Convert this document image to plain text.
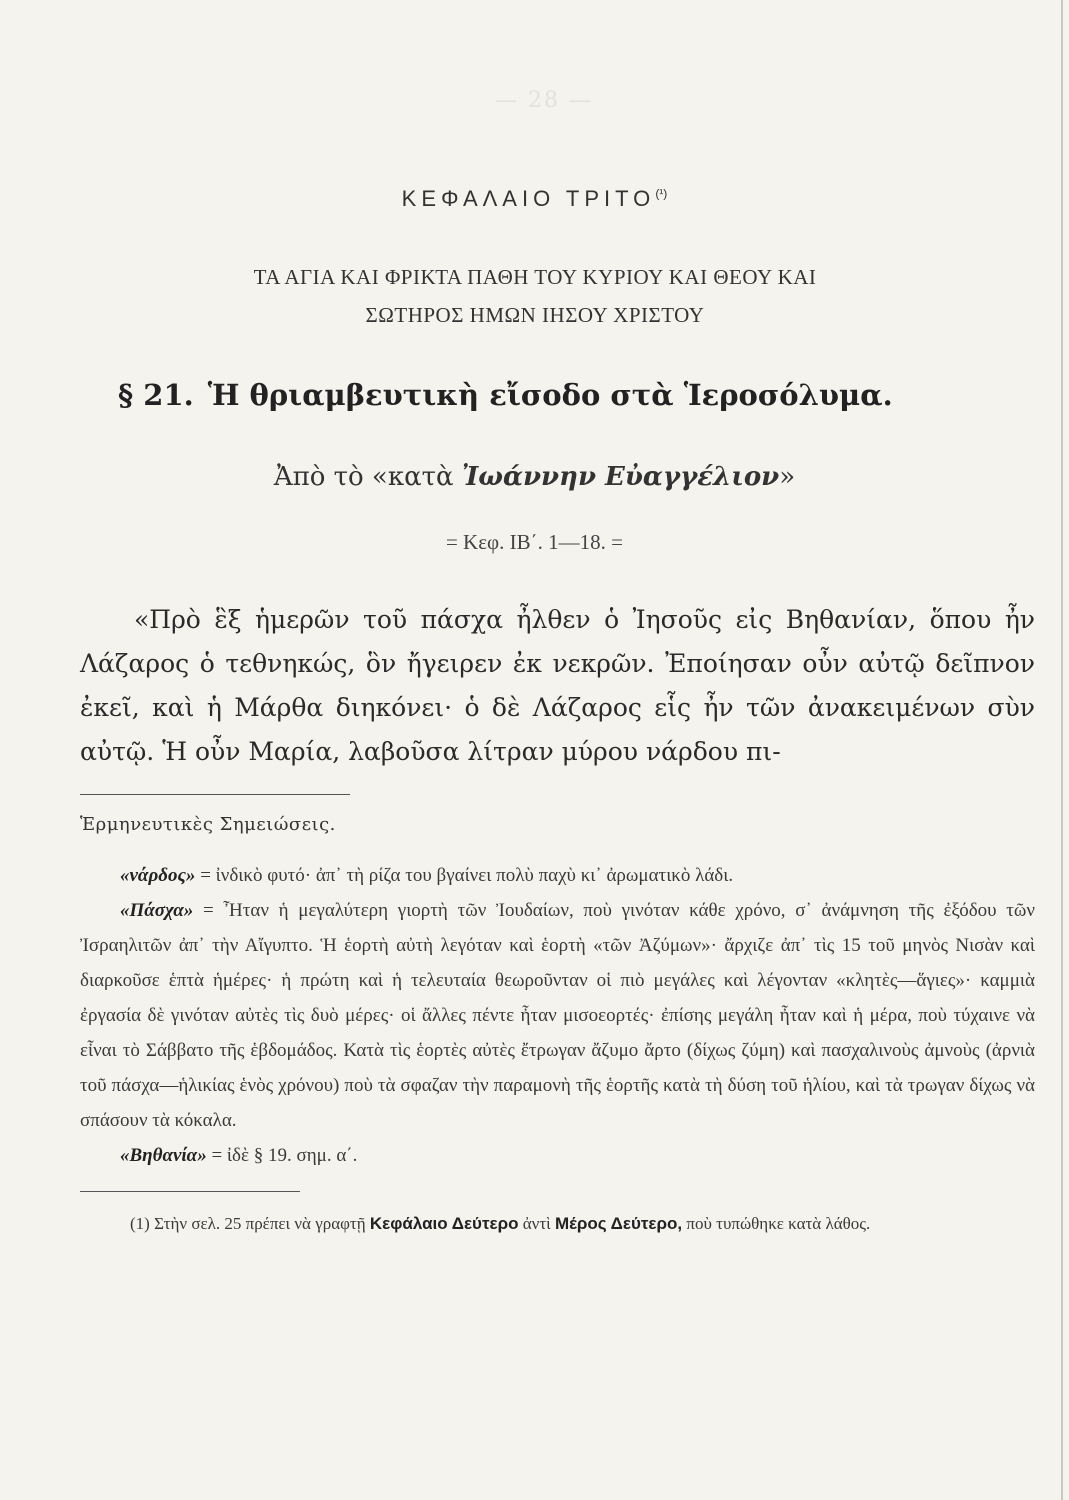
— 28 —
ΚΕΦΑΛΑΙΟ $TPITO^{(^1)}$
ΤΑ ΑΓΙΑ ΚΑΙ ΦΡΙΚΤΑ ΠΑΘΗ ΤΟΥ ΚΥΡΙΟΥ ΚΑΙ ΘΕΟΥ ΚΑΙ
ΣΩΤΗΡΟΣ ΗΜΩΝ ΙΗΣΟΥ ΧΡΙΣΤΟΥ
§ 21. Ἡ θριαμβευτικὴ εἴσοδο στὰ Ἱεροσόλυμα.
Ἀπὸ τὸ «κατὰ Ἰωάννην Εὐαγγέλιον»
= Κεφ. ΙΒ΄. 1—18. =

«Πρὸ ἓξ ἡμερῶν τοῦ πάσχα ἦλθεν ὁ Ἰησοῦς εἰς Βηθανίαν, ὅπου ἦν Λάζαρος ὁ τεθνηκώς, ὃν ἤγειρεν ἐκ νεκρῶν. Ἐποίησαν οὖν αὐτῷ δεῖπνον ἐκεῖ, καὶ ἡ Μάρθα διηκόνει· ὁ δὲ Λάζαρος εἷς ἦν τῶν ἀνακειμένων σὺν αὐτῷ. Ἡ οὖν Μαρία, λαβοῦσα λίτραν μύρου νάρδου πι-

Ἑρμηνευτικὲς Σημειώσεις.

«νάρδος» = ἰνδικὸ φυτό· ἀπ᾿ τὴ ρίζα του βγαίνει πολὺ παχὺ κι᾿ ἀρωματικὸ λάδι.

«Πάσχα» = Ἦταν ἡ μεγαλύτερη γιορτὴ τῶν Ἰουδαίων, ποὺ γινόταν κάθε χρόνο, σ᾿ ἀνάμνηση τῆς ἐξόδου τῶν Ἰσραηλιτῶν ἀπ᾿ τὴν Αἴγυπτο. Ἡ ἑορτὴ αὐτὴ λεγόταν καὶ ἑορτὴ «τῶν Ἀζύμων»· ἄρχιζε ἀπ᾿ τὶς 15 τοῦ μηνὸς Νισὰν καὶ διαρκοῦσε ἑπτὰ ἡμέρες· ἡ πρώτη καὶ ἡ τελευταία θεωροῦνταν οἱ πιὸ μεγάλες καὶ λέγονταν «κλητὲς—ἅγιες»· καμμιὰ ἐργασία δὲ γινόταν αὐτὲς τὶς δυὸ μέρες· οἱ ἄλλες πέντε ἦταν μισοεορτές· ἐπίσης μεγάλη ἦταν καὶ ἡ μέρα, ποὺ τύχαινε νὰ εἶναι τὸ Σάββατο τῆς ἑβδομάδος. Κατὰ τὶς ἑορτὲς αὐτὲς ἔτρωγαν ἄζυμο ἄρτο (δίχως ζύμη) καὶ πασχαλινοὺς ἀμνοὺς (ἀρνιὰ τοῦ πάσχα—ἡλικίας ἑνὸς χρόνου) ποὺ τὰ σφαζαν τὴν παραμονὴ τῆς ἑορτῆς κατὰ τὴ δύση τοῦ ἡλίου, καὶ τὰ τρωγαν δίχως νὰ σπάσουν τὰ κόκαλα.

«Βηθανία» = ἰδὲ § 19. σημ. α΄.

(1) Στὴν σελ. 25 πρέπει νὰ γραφτῇ Κεφάλαιο Δεύτερο ἀντὶ Μέρος Δεύτερο, ποὺ τυπώθηκε κατὰ λάθος.
